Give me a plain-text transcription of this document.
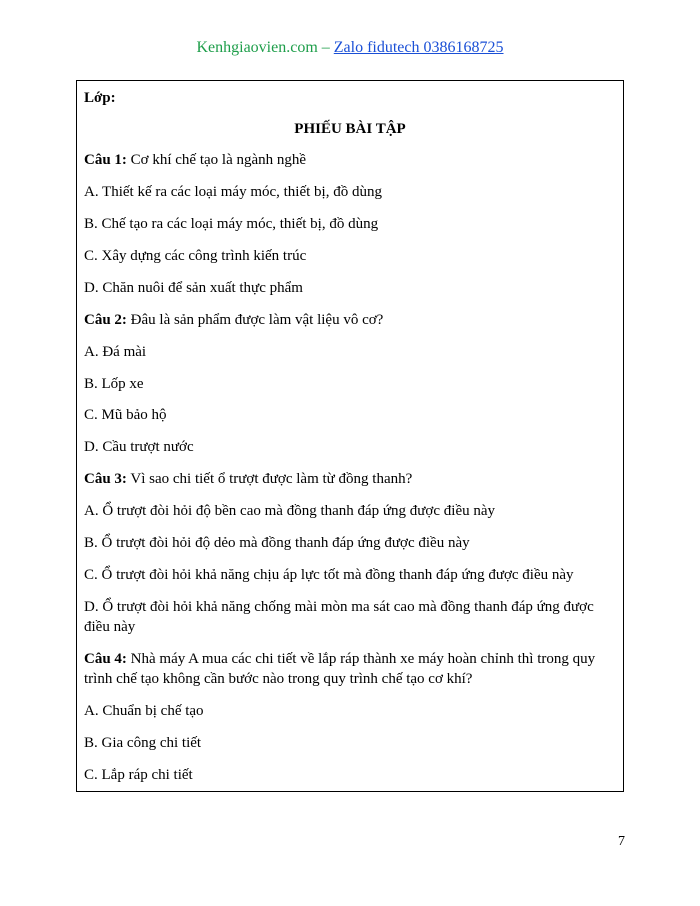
Kenhgiaovien.com – Zalo fidutech 0386168725
Lớp:
PHIẾU BÀI TẬP
Câu 1: Cơ khí chế tạo là ngành nghề
A. Thiết kế ra các loại máy móc, thiết bị, đồ dùng
B. Chế tạo ra các loại máy móc, thiết bị, đồ dùng
C. Xây dựng các công trình kiến trúc
D. Chăn nuôi để sản xuất thực phẩm
Câu 2: Đâu là sản phẩm được làm vật liệu vô cơ?
A. Đá mài
B. Lốp xe
C. Mũ bảo hộ
D. Cầu trượt nước
Câu 3: Vì sao chi tiết ổ trượt được làm từ đồng thanh?
A. Ổ trượt đòi hỏi độ bền cao mà đồng thanh đáp ứng được điều này
B. Ổ trượt đòi hỏi độ dẻo mà đồng thanh đáp ứng được điều này
C. Ổ trượt đòi hỏi khả năng chịu áp lực tốt mà đồng thanh đáp ứng được điều này
D. Ổ trượt đòi hỏi khả năng chống mài mòn ma sát cao mà đồng thanh đáp ứng được điều này
Câu 4: Nhà máy A mua các chi tiết về lắp ráp thành xe máy hoàn chỉnh thì trong quy trình chế tạo không cần bước nào trong quy trình chế tạo cơ khí?
A. Chuẩn bị chế tạo
B. Gia công chi tiết
C. Lắp ráp chi tiết
7
